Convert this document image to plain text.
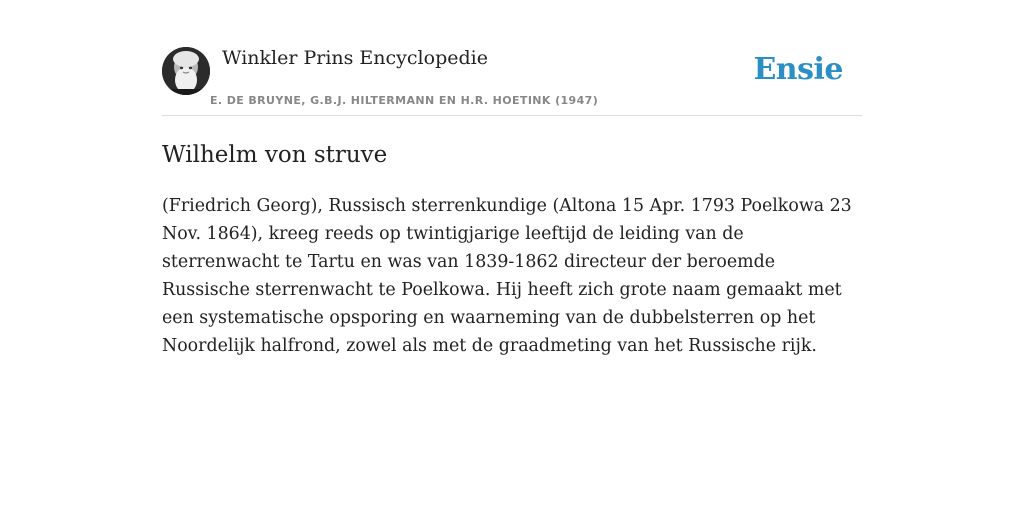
Winkler Prins Encyclopedie
E. DE BRUYNE, G.B.J. HILTERMANN EN H.R. HOETINK (1947)
Ensie
Wilhelm von struve

(Friedrich Georg), Russisch sterrenkundige (Altona 15 Apr. 1793 Poelkowa 23 Nov. 1864), kreeg reeds op twintigjarige leeftijd de leiding van de sterrenwacht te Tartu en was van 1839-1862 directeur der beroemde Russische sterrenwacht te Poelkowa. Hij heeft zich grote naam gemaakt met een systematische opsporing en waarneming van de dubbelsterren op het Noordelijk halfrond, zowel als met de graadmeting van het Russische rijk.
